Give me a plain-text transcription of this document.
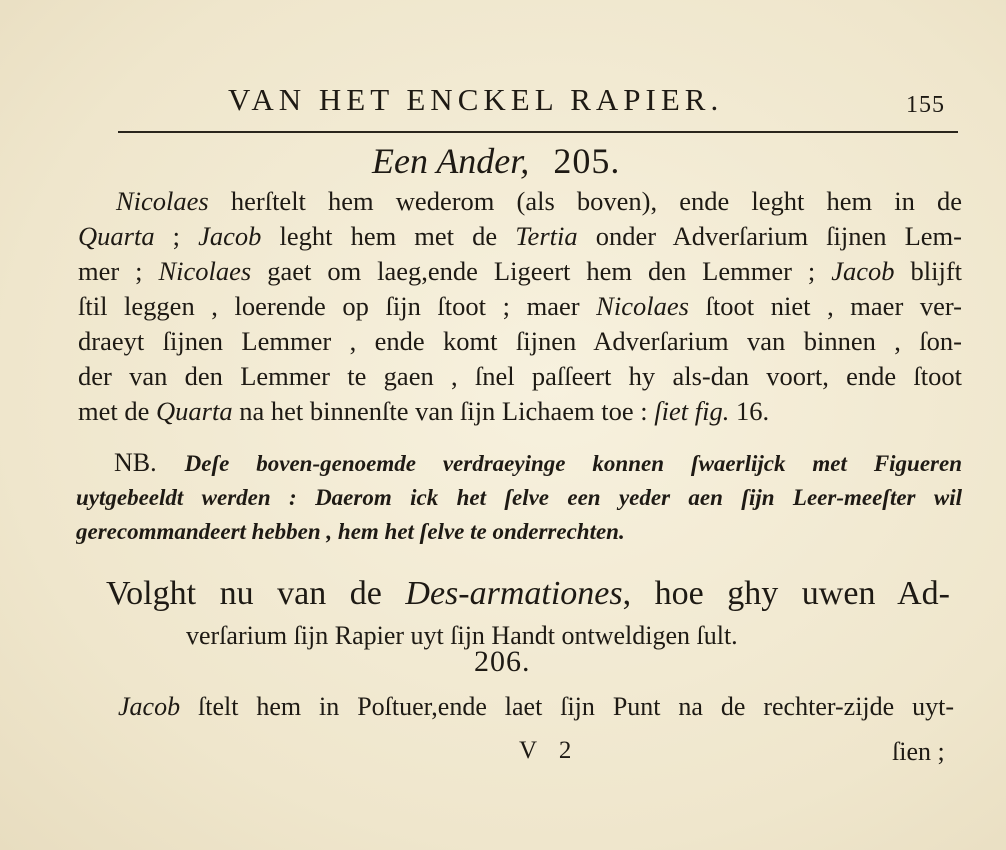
VAN HET ENCKEL RAPIER.	155
Een Ander, 205.
Nicolaes herſtelt hem wederom (als boven), ende leght hem in de
Quarta ; Jacob leght hem met de Tertia onder Adverſarium ſijnen Lem-
mer ; Nicolaes gaet om laeg,ende Ligeert hem den Lemmer ; Jacob blijft
ſtil leggen , loerende op ſijn ſtoot ; maer Nicolaes ſtoot niet , maer ver-
draeyt ſijnen Lemmer , ende komt ſijnen Adverſarium van binnen , ſon-
der van den Lemmer te gaen , ſnel paſſeert hy als-dan voort, ende ſtoot
met de Quarta na het binnenſte van ſijn Lichaem toe : ſiet fig. 16.
NB. Deſe boven-genoemde verdraeyinge konnen ſwaerlijck met Figueren
uytgebeeldt werden : Daerom ick het ſelve een yeder aen ſijn Leer-meeſter wil
gerecommandeert hebben , hem het ſelve te onderrechten.
Volght nu van de Des-armationes, hoe ghy uwen Ad-
verſarium ſijn Rapier uyt ſijn Handt ontweldigen ſult.
206.
Jacob ſtelt hem in Poſtuer,ende laet ſijn Punt na de rechter-zijde uyt-
V 2	ſien ;
